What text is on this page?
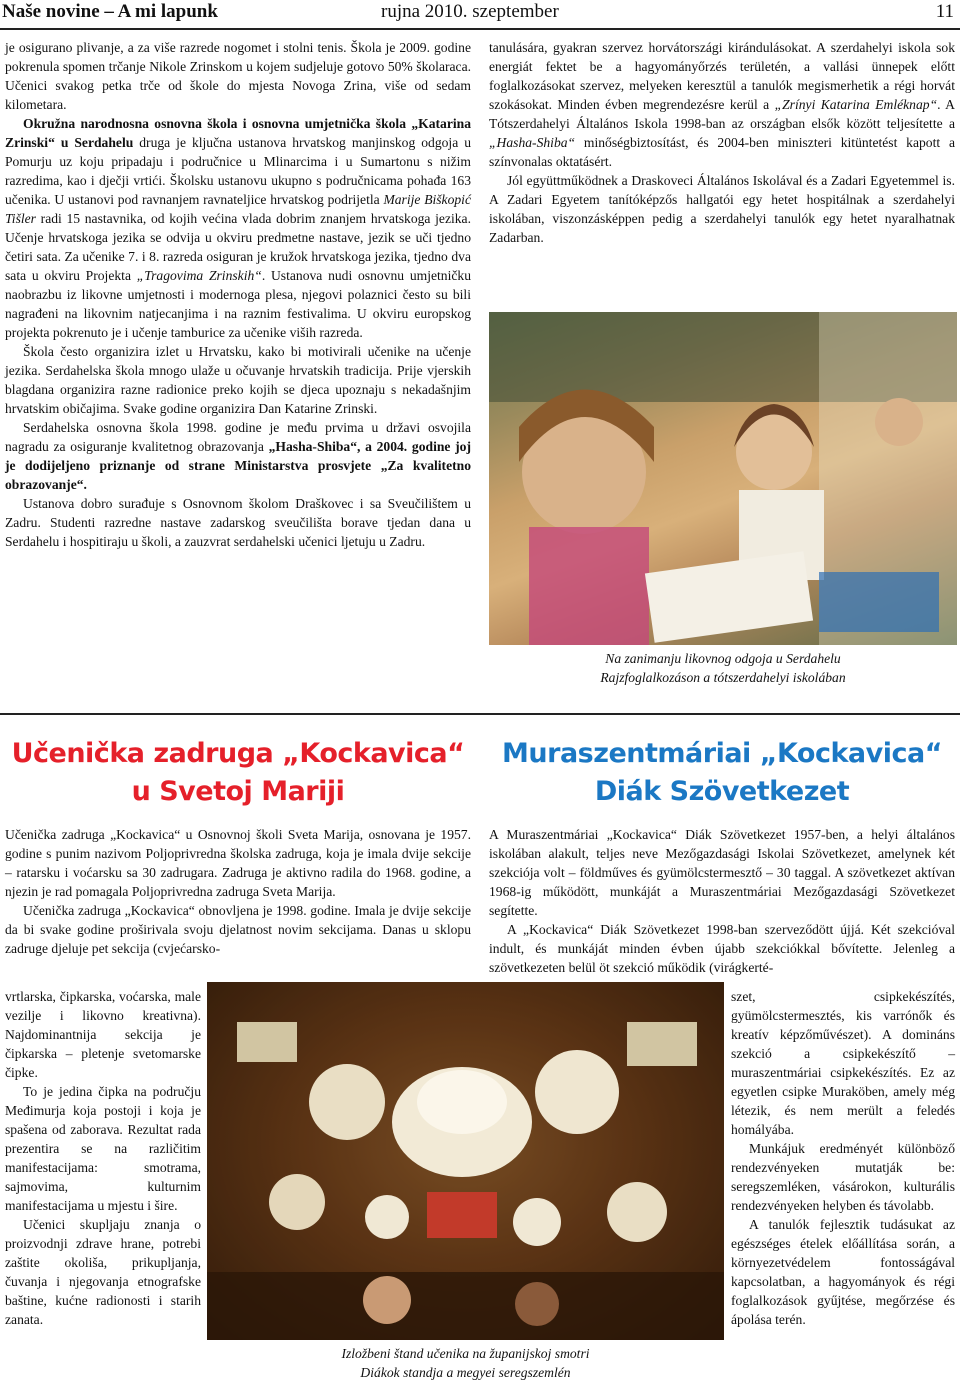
Naše novine – A mi lapunk	rujna 2010. szeptember	11

je osigurano plivanje, a za više razrede nogomet i stolni tenis. Škola je 2009. godine pokrenula spomen trčanje Nikole Zrinskom u kojem sudjeluje gotovo 50% školaraca. Učenici svakog petka trče od škole do mjesta Novoga Zrina, više od sedam kilometara.

Okružna narodnosna osnovna škola i osnovna umjetnička škola „Katarina Zrinski“ u Serdahelu druga je ključna ustanova hrvatskog manjinskog odgoja u Pomurju uz koju pripadaju i područnice u Mlinarcima i u Sumartonu s nižim razredima, kao i dječji vrtići. Školsku ustanovu ukupno s područnicama pohađa 163 učenika. U ustanovi pod ravnanjem ravnateljice hrvatskog podrijetla Marije Biškopić Tišler radi 15 nastavnika, od kojih većina vlada dobrim znanjem hrvatskoga jezika. Učenje hrvatskoga jezika se odvija u okviru predmetne nastave, jezik se uči tjedno četiri sata. Za učenike 7. i 8. razreda osiguran je kružok hrvatskoga jezika, tjedno dva sata u okviru Projekta „Tragovima Zrinskih“. Ustanova nudi osnovnu umjetničku naobrazbu iz likovne umjetnosti i modernoga plesa, njegovi polaznici često su bili nagrađeni na likovnim natjecanjima i na raznim festivalima. U okviru europskog projekta pokrenuto je i učenje tamburice za učenike viših razreda.

Škola često organizira izlet u Hrvatsku, kako bi motivirali učenike na učenje jezika. Serdahelska škola mnogo ulaže u očuvanje hrvatskih tradicija. Prije vjerskih blagdana organizira razne radionice preko kojih se djeca upoznaju s nekadašnjim hrvatskim običajima. Svake godine organizira Dan Katarine Zrinski.

Serdahelska osnovna škola 1998. godine je među prvima u državi osvojila nagradu za osiguranje kvalitetnog obrazovanja „Hasha-Shiba“, a 2004. godine joj je dodijeljeno priznanje od strane Ministarstva prosvjete „Za kvalitetno obrazovanje“.

Ustanova dobro surađuje s Osnovnom školom Draškovec i sa Sveučilištem u Zadru. Studenti razredne nastave zadarskog sveučilišta borave tjedan dana u Serdahelu i hospitiraju u školi, a zauzvrat serdahelski učenici ljetuju u Zadru.

tanulására, gyakran szervez horvátországi kirándulásokat. A szerdahelyi iskola sok energiát fektet be a hagyományőrzés területén, a vallási ünnepek előtt foglalkozásokat szervez, melyeken keresztül a tanulók megismerhetik a régi horvát szokásokat. Minden évben megrendezésre kerül a „Zrínyi Katarina Emléknap“. A Tótszerdahelyi Általános Iskola 1998-ban az országban elsők között teljesítette a „Hasha-Shiba“ minőségbiztosítást, és 2004-ben miniszteri kitüntetést kapott a színvonalas oktatásért.

Jól együttműködnek a Draskoveci Általános Iskolával és a Zadari Egyetemmel is. A Zadari Egyetem tanítóképzős hallgatói egy hetet hospitálnak a szerdahelyi iskolában, viszonzásképpen pedig a szerdahelyi tanulók egy hetet nyaralhatnak Zadarban.

Na zanimanju likovnog odgoja u Serdahelu
Rajzfoglalkozáson a tótszerdahelyi iskolában
Učenička zadruga „Kockavica“
u Svetoj Mariji
Muraszentmáriai „Kockavica“
Diák Szövetkezet

Učenička zadruga „Kockavica“ u Osnovnoj školi Sveta Marija, osnovana je 1957. godine s punim nazivom Poljoprivredna školska zadruga, koja je imala dvije sekcije – ratarsku i voćarsku sa 30 zadrugara. Zadruga je aktivno radila do 1968. godine, a njezin je rad pomagala Poljoprivredna zadruga Sveta Marija.

Učenička zadruga „Kockavica“ obnovljena je 1998. godine. Imala je dvije sekcije da bi svake godine proširivala svoju djelatnost novim sekcijama. Danas u sklopu zadruge djeluje pet sekcija (cvjećarsko-

vrtlarska, čipkarska, voćarska, male vezilje i likovno kreativna). Najdominantnija sekcija je čipkarska – pletenje svetomarske čipke.

To je jedina čipka na području Međimurja koja postoji i koja je spašena od zaborava. Rezultat rada prezentira se na različitim manifestacijama: smotrama, sajmovima, kulturnim manifestacijama u mjestu i šire.

Učenici skupljaju znanja o proizvodnji zdrave hrane, potrebi zaštite okoliša, prikupljanja, čuvanja i njegovanja etnografske baštine, kućne radionosti i starih zanata.

A Muraszentmáriai „Kockavica“ Diák Szövetkezet 1957-ben, a helyi általános iskolában alakult, teljes neve Mezőgazdasági Iskolai Szövetkezet, amelynek két szekciója volt – földműves és gyümölcstermesztő – 30 taggal. A szövetkezet aktívan 1968-ig működött, munkáját a Muraszentmáriai Mezőgazdasági Szövetkezet segítette.

A „Kockavica“ Diák Szövetkezet 1998-ban szerveződött újjá. Két szekcióval indult, és munkáját minden évben újabb szekciókkal bővítette. Jelenleg a szövetkezeten belül öt szekció működik (virágkerté-

szet, csipkekészítés, gyümölcstermesztés, kis varrónők és kreatív képzőművészet). A domináns szekció a csipkekészítő – muraszentmáriai csipkekészítés. Ez az egyetlen csipke Muraköben, amely még létezik, és nem merült a feledés homályába.

Munkájuk eredményét különböző rendezvényeken mutatják be: seregszemléken, vásárokon, kulturális rendezvényeken helyben és távolabb.

A tanulók fejlesztik tudásukat az egészséges ételek előállítása során, a környezetvédelem fontosságával kapcsolatban, a hagyományok és régi foglalkozások gyűjtése, megőrzése és ápolása terén.

Izložbeni štand učenika na županijskoj smotri
Diákok standja a megyei seregszemlén
